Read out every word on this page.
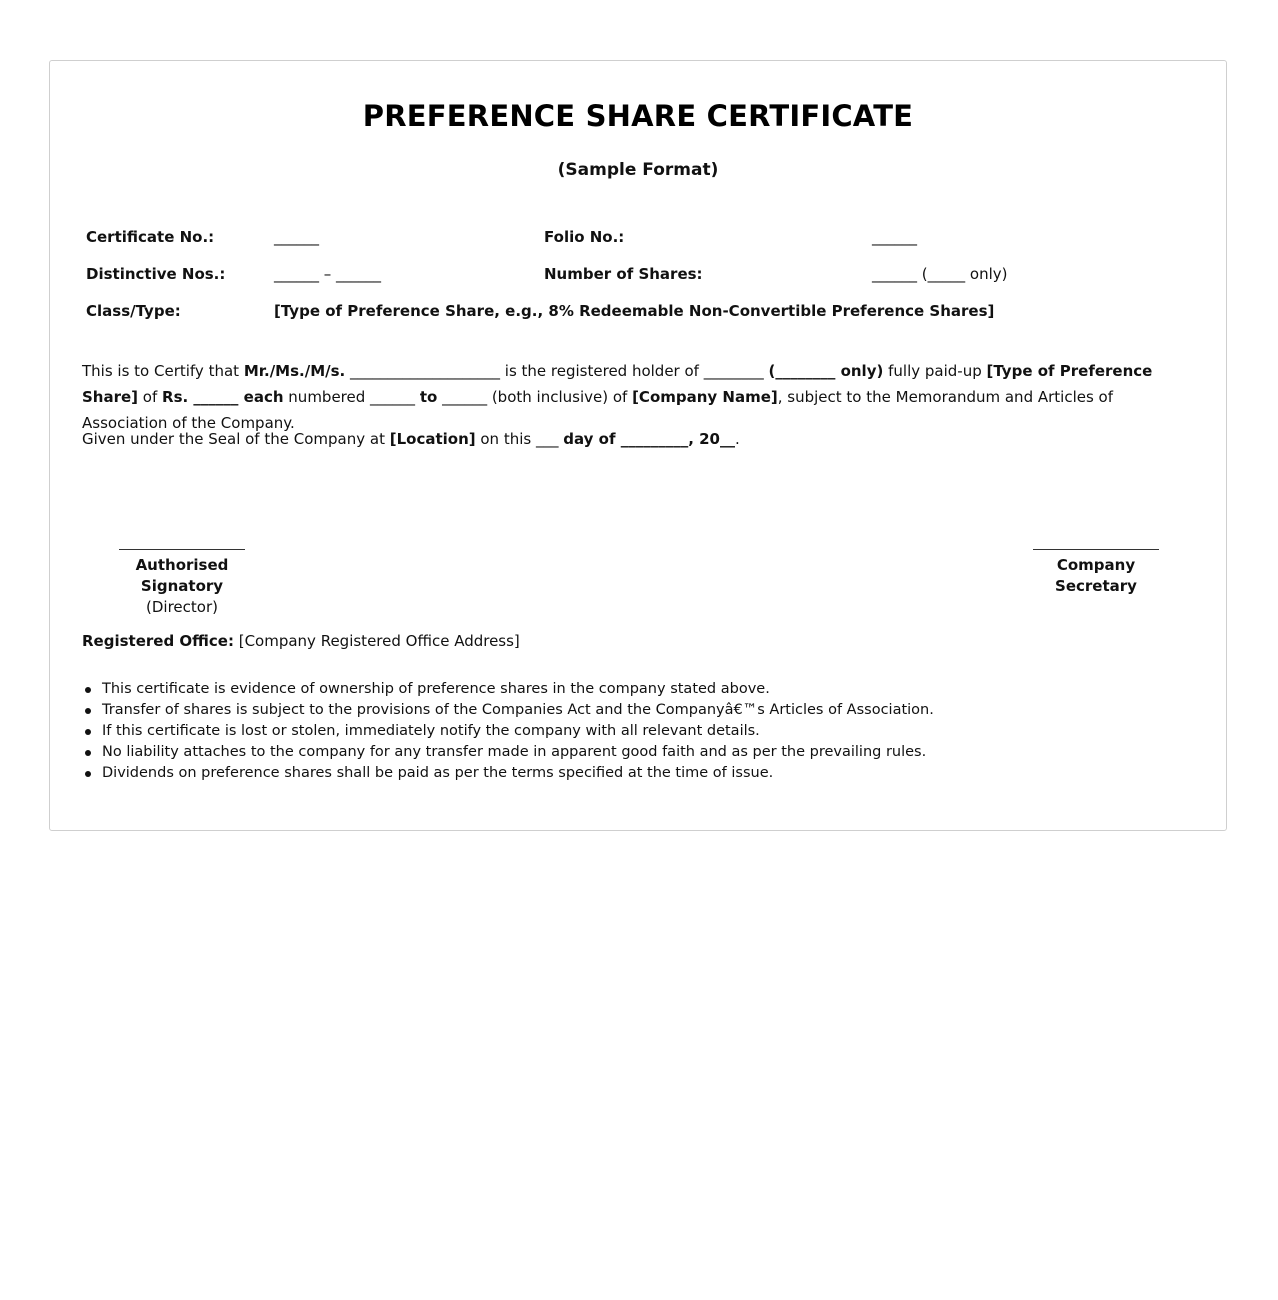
PREFERENCE SHARE CERTIFICATE
(Sample Format)
Certificate No.:	______	Folio No.:	______
Distinctive Nos.:	______ – ______	Number of Shares:	______ (_____ only)
Class/Type:	[Type of Preference Share, e.g., 8% Redeemable Non-Convertible Preference Shares]
This is to Certify that Mr./Ms./M/s. ____________________ is the registered holder of ________ (________ only) fully paid-up [Type of Preference Share] of Rs. ______ each numbered ______ to ______ (both inclusive) of [Company Name], subject to the Memorandum and Articles of Association of the Company.
Given under the Seal of the Company at [Location] on this ___ day of _________, 20__.
Authorised Signatory
(Director)
Company Secretary
Registered Office: [Company Registered Office Address]
This certificate is evidence of ownership of preference shares in the company stated above.
Transfer of shares is subject to the provisions of the Companies Act and the Companyâ€™s Articles of Association.
If this certificate is lost or stolen, immediately notify the company with all relevant details.
No liability attaches to the company for any transfer made in apparent good faith and as per the prevailing rules.
Dividends on preference shares shall be paid as per the terms specified at the time of issue.
